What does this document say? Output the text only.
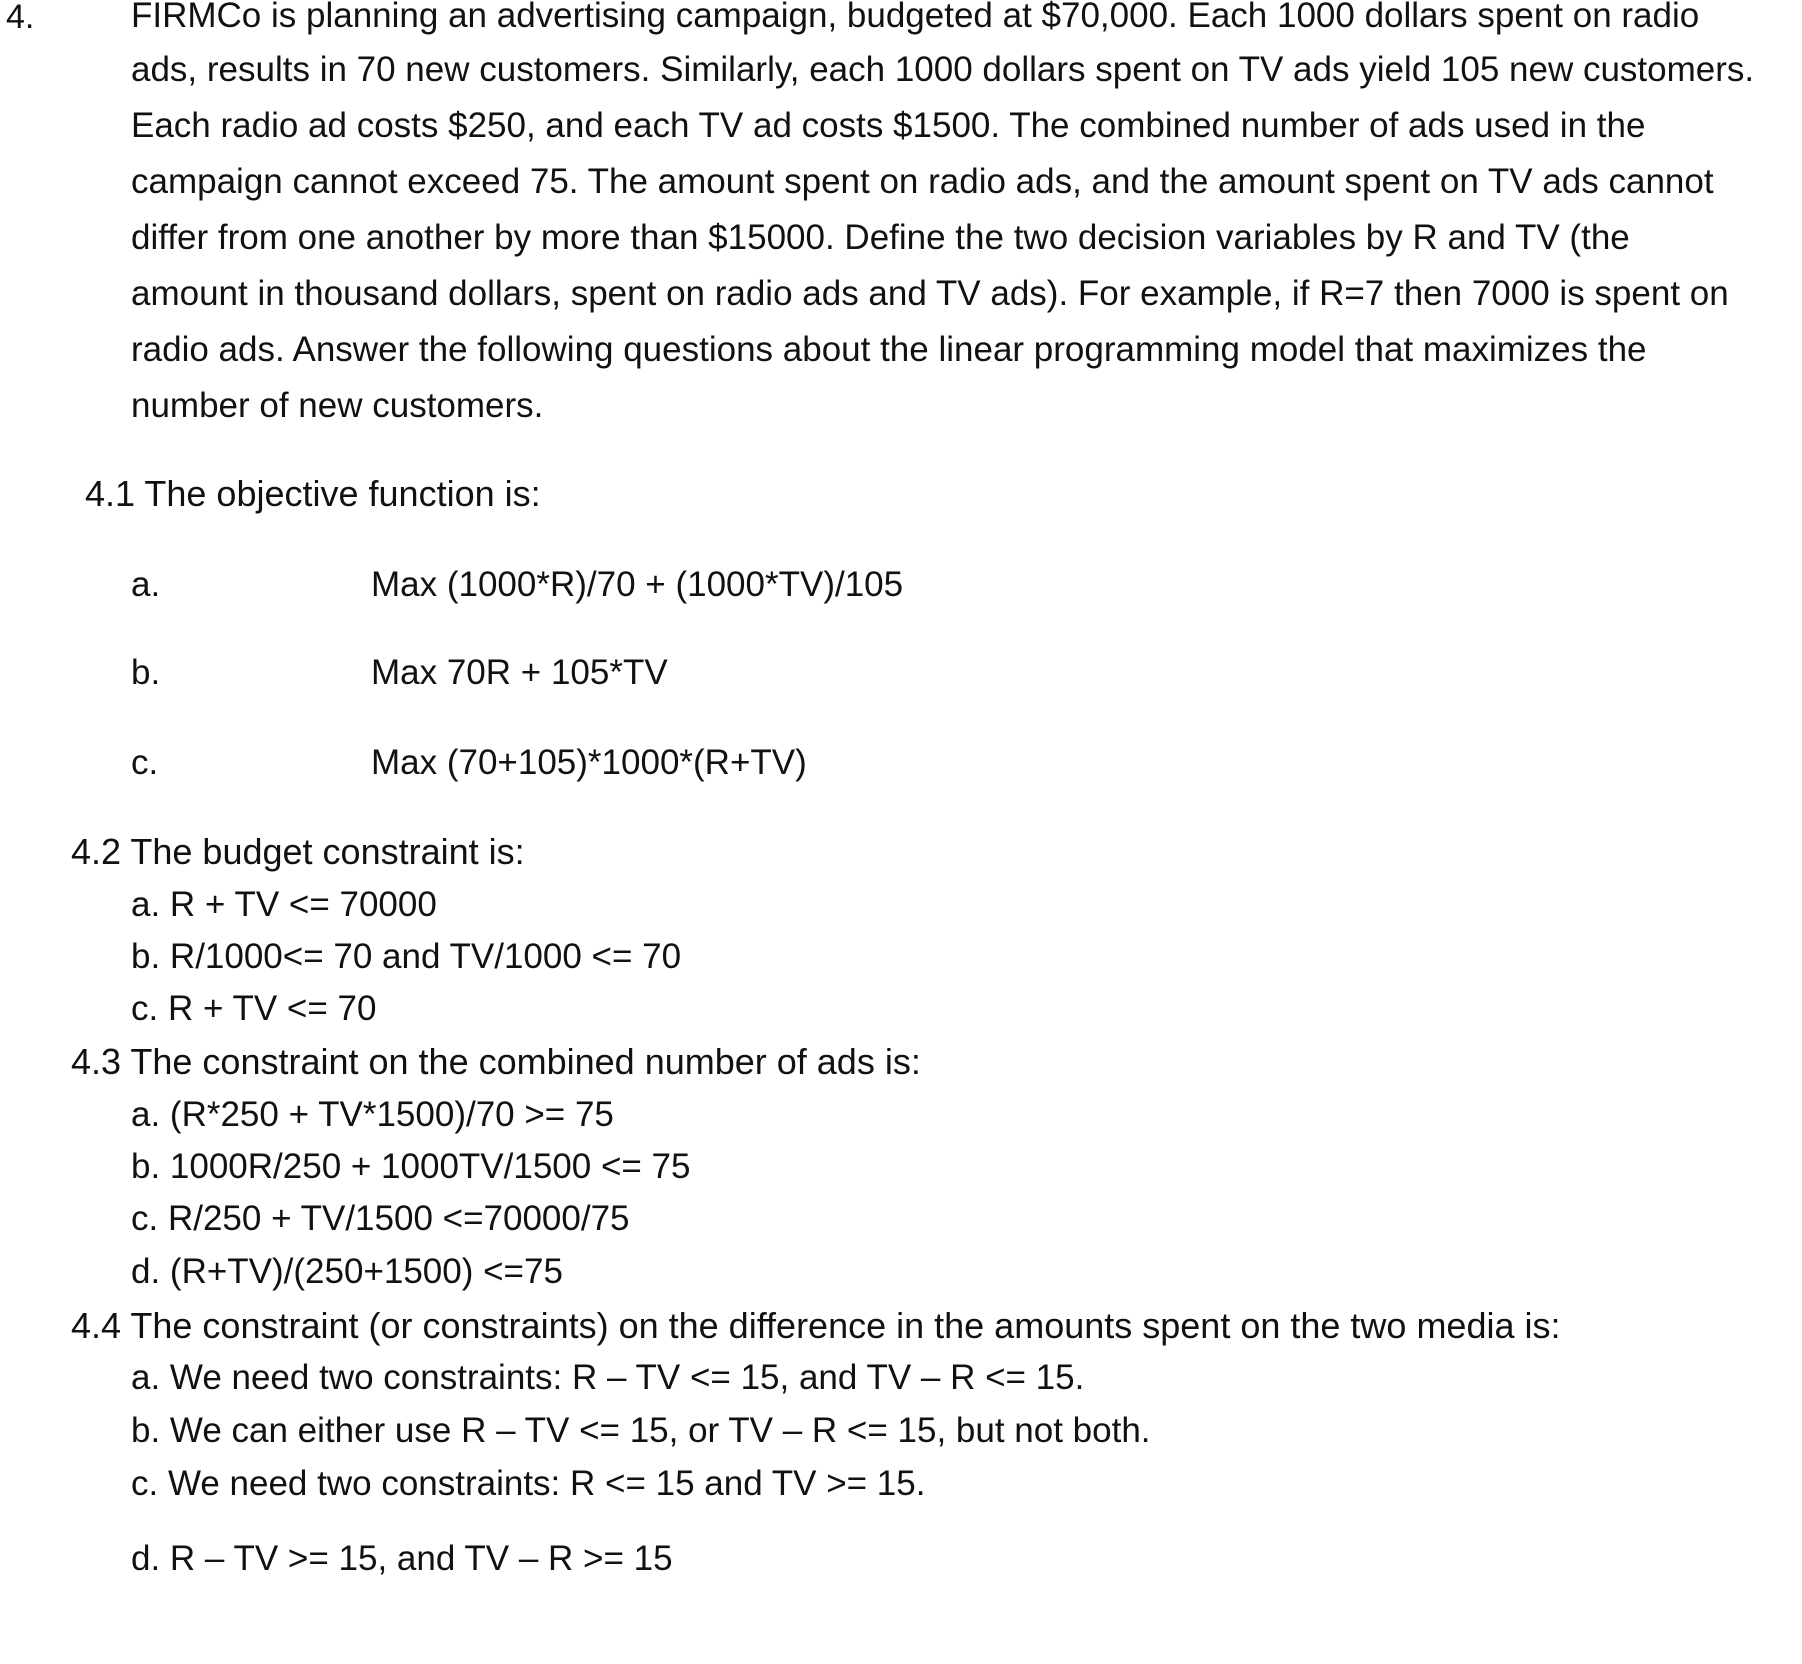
4.	FIRMCo is planning an advertising campaign, budgeted at $70,000. Each 1000 dollars spent on radio
ads, results in 70 new customers. Similarly, each 1000 dollars spent on TV ads yield 105 new customers.
Each radio ad costs $250, and each TV ad costs $1500. The combined number of ads used in the
campaign cannot exceed 75. The amount spent on radio ads, and the amount spent on TV ads cannot
differ from one another by more than $15000. Define the two decision variables by R and TV (the
amount in thousand dollars, spent on radio ads and TV ads). For example, if R=7 then 7000 is spent on
radio ads. Answer the following questions about the linear programming model that maximizes the
number of new customers.
4.1 The objective function is:
a.	Max (1000*R)/70 + (1000*TV)/105
b.	Max 70R + 105*TV
c.	Max (70+105)*1000*(R+TV)
4.2 The budget constraint is:
a. R + TV <= 70000
b. R/1000<= 70 and TV/1000 <= 70
c. R + TV <= 70
4.3 The constraint on the combined number of ads is:
a. (R*250 + TV*1500)/70 >= 75
b. 1000R/250 + 1000TV/1500 <= 75
c. R/250 + TV/1500 <=70000/75
d. (R+TV)/(250+1500) <=75
4.4 The constraint (or constraints) on the difference in the amounts spent on the two media is:
a. We need two constraints: R – TV <= 15, and TV – R <= 15.
b. We can either use R – TV <= 15, or TV – R <= 15, but not both.
c. We need two constraints: R <= 15 and TV >= 15.
d. R – TV >= 15, and TV – R >= 15
